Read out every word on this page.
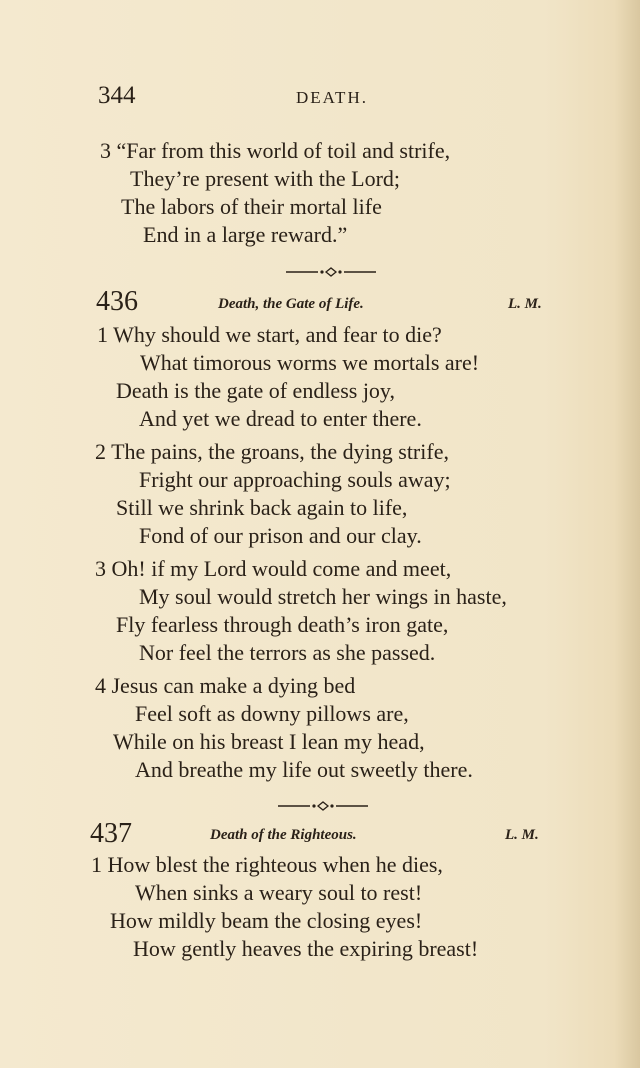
344	DEATH.
3 “Far from this world of toil and strife,
They’re present with the Lord;
The labors of their mortal life
End in a large reward.”
436	Death, the Gate of Life.	L. M.
1 Why should we start, and fear to die?
What timorous worms we mortals are!
Death is the gate of endless joy,
And yet we dread to enter there.
2 The pains, the groans, the dying strife,
Fright our approaching souls away;
Still we shrink back again to life,
Fond of our prison and our clay.
3 Oh! if my Lord would come and meet,
My soul would stretch her wings in haste,
Fly fearless through death’s iron gate,
Nor feel the terrors as she passed.
4 Jesus can make a dying bed
Feel soft as downy pillows are,
While on his breast I lean my head,
And breathe my life out sweetly there.
437	Death of the Righteous.	L. M.
1 How blest the righteous when he dies,
When sinks a weary soul to rest!
How mildly beam the closing eyes!
How gently heaves the expiring breast!
